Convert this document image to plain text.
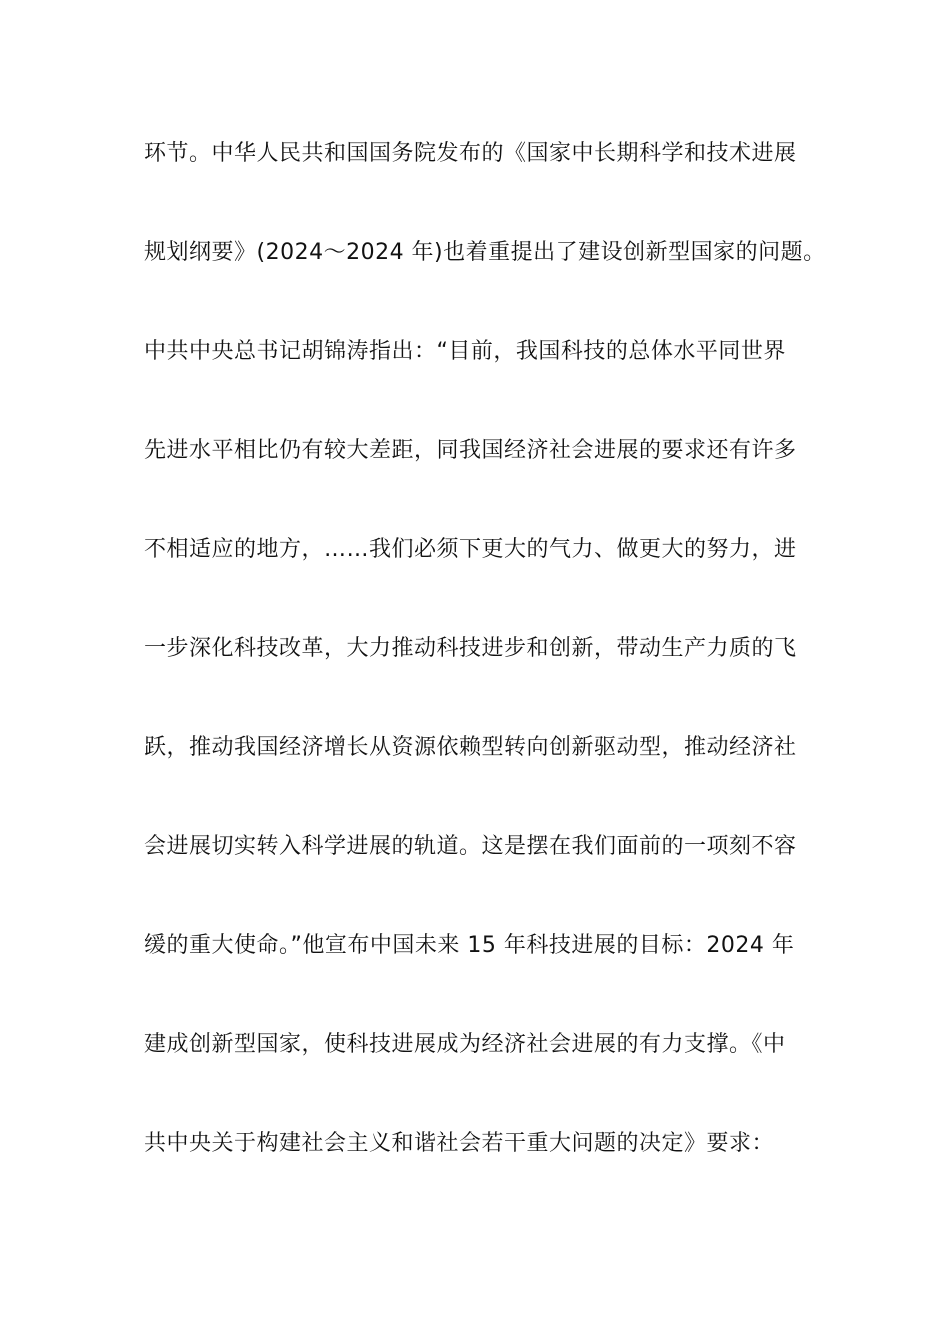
环节。中华人民共和国国务院发布的《国家中长期科学和技术进展
规划纲要》(2024～2024 年)也着重提出了建设创新型国家的问题。
中共中央总书记胡锦涛指出：“目前，我国科技的总体水平同世界
先进水平相比仍有较大差距，同我国经济社会进展的要求还有许多
不相适应的地方，……我们必须下更大的气力、做更大的努力，进
一步深化科技改革，大力推动科技进步和创新，带动生产力质的飞
跃，推动我国经济增长从资源依赖型转向创新驱动型，推动经济社
会进展切实转入科学进展的轨道。这是摆在我们面前的一项刻不容
缓的重大使命。”他宣布中国未来 15 年科技进展的目标：2024 年
建成创新型国家，使科技进展成为经济社会进展的有力支撑。《中
共中央关于构建社会主义和谐社会若干重大问题的决定》要求：
